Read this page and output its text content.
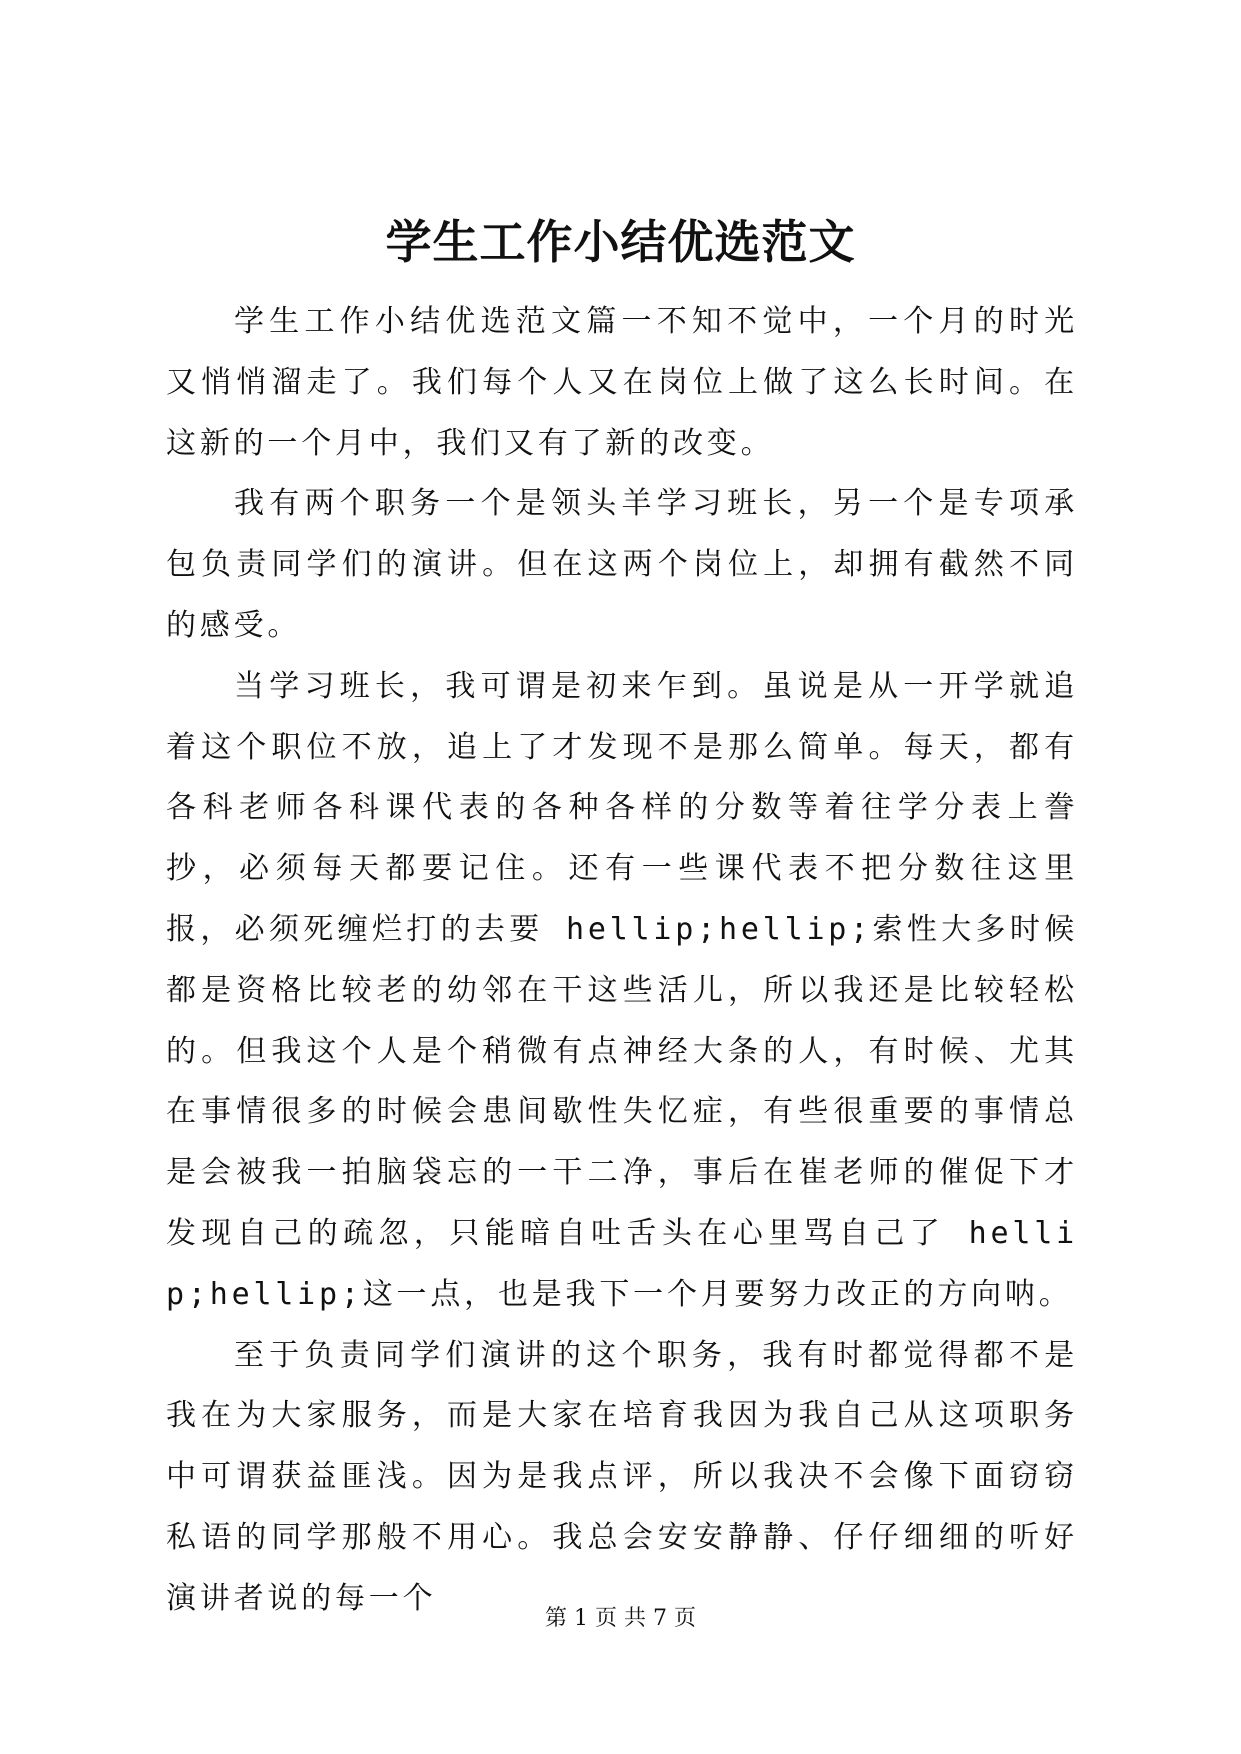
学生工作小结优选范文

学生工作小结优选范文篇一不知不觉中，一个月的时光又悄悄溜走了。我们每个人又在岗位上做了这么长时间。在这新的一个月中，我们又有了新的改变。

我有两个职务一个是领头羊学习班长，另一个是专项承包负责同学们的演讲。但在这两个岗位上，却拥有截然不同的感受。

当学习班长，我可谓是初来乍到。虽说是从一开学就追着这个职位不放，追上了才发现不是那么简单。每天，都有各科老师各科课代表的各种各样的分数等着往学分表上誊抄，必须每天都要记住。还有一些课代表不把分数往这里报，必须死缠烂打的去要 hellip;hellip;索性大多时候都是资格比较老的幼邻在干这些活儿，所以我还是比较轻松的。但我这个人是个稍微有点神经大条的人，有时候、尤其在事情很多的时候会患间歇性失忆症，有些很重要的事情总是会被我一拍脑袋忘的一干二净，事后在崔老师的催促下才发现自己的疏忽，只能暗自吐舌头在心里骂自己了 hellip;hellip;这一点，也是我下一个月要努力改正的方向呐。

至于负责同学们演讲的这个职务，我有时都觉得都不是我在为大家服务，而是大家在培育我因为我自己从这项职务中可谓获益匪浅。因为是我点评，所以我决不会像下面窃窃私语的同学那般不用心。我总会安安静静、仔仔细细的听好演讲者说的每一个

第 1 页 共 7 页
